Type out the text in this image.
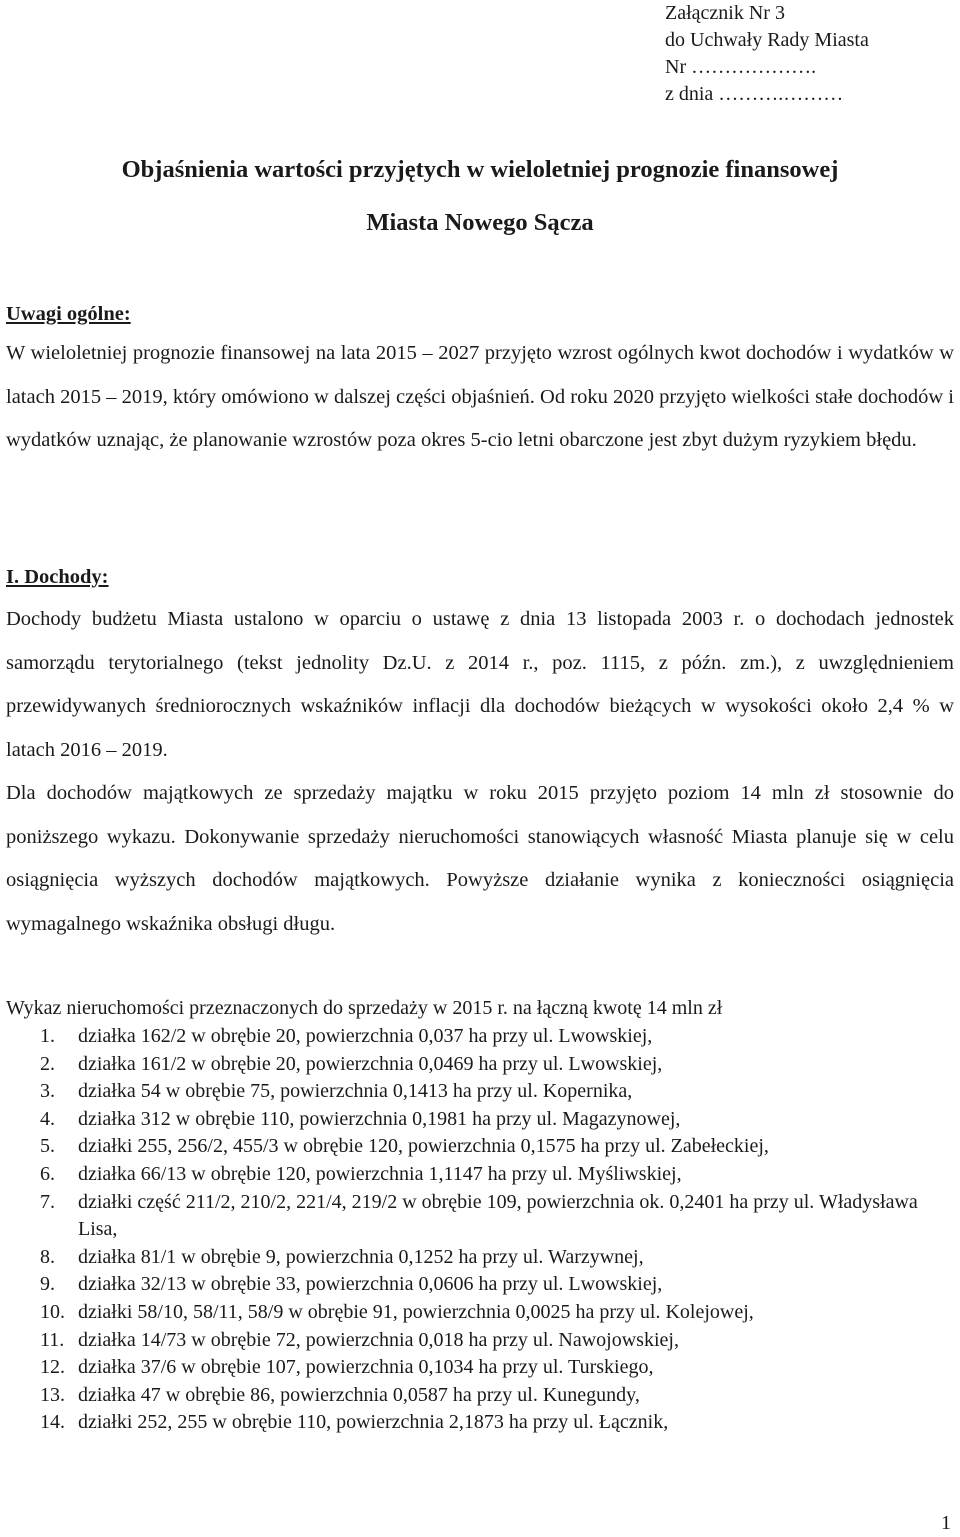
Załącznik Nr 3
do Uchwały Rady Miasta
Nr ……………….
z dnia ……….………
Objaśnienia wartości przyjętych w wieloletniej prognozie finansowej
Miasta Nowego Sącza
Uwagi ogólne:

W wieloletniej prognozie finansowej na lata 2015 – 2027 przyjęto wzrost ogólnych kwot dochodów i wydatków w latach 2015 – 2019, który omówiono w dalszej części objaśnień. Od roku 2020 przyjęto wielkości stałe dochodów i wydatków uznając, że planowanie wzrostów poza okres 5-cio letni obarczone jest zbyt dużym ryzykiem błędu.

I. Dochody:

Dochody budżetu Miasta ustalono w oparciu o ustawę z dnia 13 listopada 2003 r. o dochodach jednostek samorządu terytorialnego (tekst jednolity Dz.U. z 2014 r., poz. 1115, z późn. zm.), z uwzględnieniem przewidywanych średniorocznych wskaźników inflacji dla dochodów bieżących w wysokości około 2,4 % w latach 2016 – 2019.

Dla dochodów majątkowych ze sprzedaży majątku w roku 2015 przyjęto poziom 14 mln zł stosownie do poniższego wykazu. Dokonywanie sprzedaży nieruchomości stanowiących własność Miasta planuje się w celu osiągnięcia wyższych dochodów majątkowych. Powyższe działanie wynika z konieczności osiągnięcia wymagalnego wskaźnika obsługi długu.

Wykaz nieruchomości przeznaczonych do sprzedaży w 2015 r. na łączną kwotę 14 mln zł
1.	działka 162/2 w obrębie 20, powierzchnia 0,037 ha przy ul. Lwowskiej,
2.	działka 161/2 w obrębie 20, powierzchnia 0,0469 ha przy ul. Lwowskiej,
3.	działka 54 w obrębie 75, powierzchnia 0,1413 ha przy ul. Kopernika,
4.	działka 312 w obrębie 110, powierzchnia 0,1981 ha przy ul. Magazynowej,
5.	działki 255, 256/2, 455/3 w obrębie 120, powierzchnia 0,1575 ha przy ul. Zabełeckiej,
6.	działka 66/13 w obrębie 120, powierzchnia 1,1147 ha przy ul. Myśliwskiej,
7.	działki część 211/2, 210/2, 221/4, 219/2 w obrębie 109, powierzchnia ok. 0,2401 ha przy ul. Władysława Lisa,
8.	działka 81/1 w obrębie 9, powierzchnia 0,1252 ha przy ul. Warzywnej,
9.	działka 32/13 w obrębie 33, powierzchnia 0,0606 ha przy ul. Lwowskiej,
10. działki 58/10, 58/11, 58/9 w obrębie 91, powierzchnia 0,0025 ha przy ul. Kolejowej,
11. działka 14/73 w obrębie 72, powierzchnia 0,018 ha przy ul. Nawojowskiej,
12. działka 37/6 w obrębie 107, powierzchnia 0,1034 ha przy ul. Turskiego,
13. działka 47 w obrębie 86, powierzchnia 0,0587 ha przy ul. Kunegundy,
14. działki 252, 255 w obrębie 110, powierzchnia 2,1873 ha przy ul. Łącznik,
1
